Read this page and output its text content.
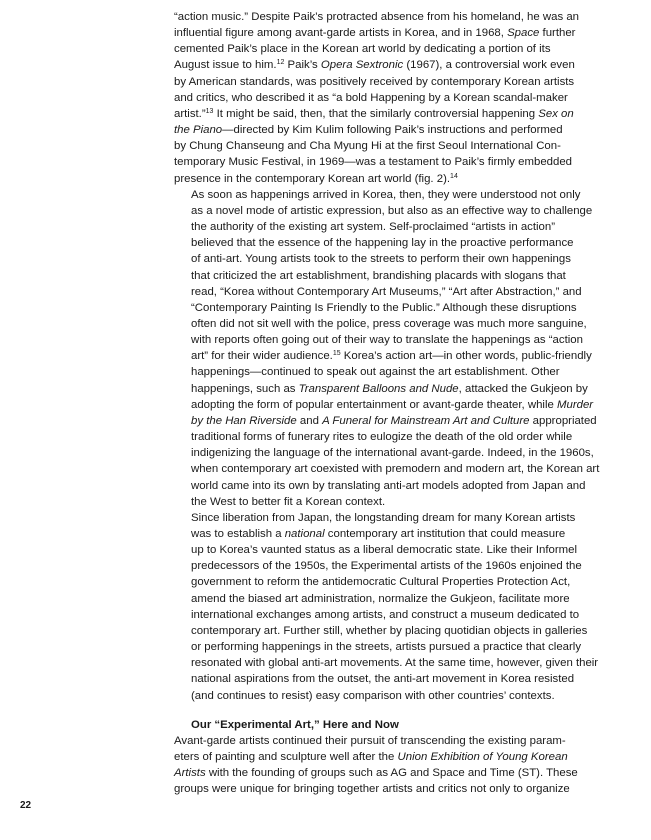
“action music.” Despite Paik’s protracted absence from his homeland, he was an
influential figure among avant-garde artists in Korea, and in 1968, Space further
cemented Paik’s place in the Korean art world by dedicating a portion of its
August issue to him.$^{12}$ Paik’s Opera Sextronic (1967), a controversial work even
by American standards, was positively received by contemporary Korean artists
and critics, who described it as “a bold Happening by a Korean scandal-maker
artist.”$^{13}$ It might be said, then, that the similarly controversial happening Sex on
the Piano—directed by Kim Kulim following Paik’s instructions and performed
by Chung Chanseung and Cha Myung Hi at the first Seoul International Con-
temporary Music Festival, in 1969—was a testament to Paik’s firmly embedded
presence in the contemporary Korean art world (fig. 2).$^{14}$
As soon as happenings arrived in Korea, then, they were understood not only
as a novel mode of artistic expression, but also as an effective way to challenge
the authority of the existing art system. Self-proclaimed “artists in action”
believed that the essence of the happening lay in the proactive performance
of anti-art. Young artists took to the streets to perform their own happenings
that criticized the art establishment, brandishing placards with slogans that
read, “Korea without Contemporary Art Museums,” “Art after Abstraction,” and
“Contemporary Painting Is Friendly to the Public.” Although these disruptions
often did not sit well with the police, press coverage was much more sanguine,
with reports often going out of their way to translate the happenings as “action
art” for their wider audience.$^{15}$ Korea’s action art—in other words, public-friendly
happenings—continued to speak out against the art establishment. Other
happenings, such as Transparent Balloons and Nude, attacked the Gukjeon by
adopting the form of popular entertainment or avant-garde theater, while Murder
by the Han Riverside and A Funeral for Mainstream Art and Culture appropriated
traditional forms of funerary rites to eulogize the death of the old order while
indigenizing the language of the international avant-garde. Indeed, in the 1960s,
when contemporary art coexisted with premodern and modern art, the Korean art
world came into its own by translating anti-art models adopted from Japan and
the West to better fit a Korean context.
Since liberation from Japan, the longstanding dream for many Korean artists
was to establish a national contemporary art institution that could measure
up to Korea’s vaunted status as a liberal democratic state. Like their Informel
predecessors of the 1950s, the Experimental artists of the 1960s enjoined the
government to reform the antidemocratic Cultural Properties Protection Act,
amend the biased art administration, normalize the Gukjeon, facilitate more
international exchanges among artists, and construct a museum dedicated to
contemporary art. Further still, whether by placing quotidian objects in galleries
or performing happenings in the streets, artists pursued a practice that clearly
resonated with global anti-art movements. At the same time, however, given their
national aspirations from the outset, the anti-art movement in Korea resisted
(and continues to resist) easy comparison with other countries’ contexts.
Our “Experimental Art,” Here and Now
Avant-garde artists continued their pursuit of transcending the existing param-
eters of painting and sculpture well after the Union Exhibition of Young Korean
Artists with the founding of groups such as AG and Space and Time (ST). These
groups were unique for bringing together artists and critics not only to organize
22
